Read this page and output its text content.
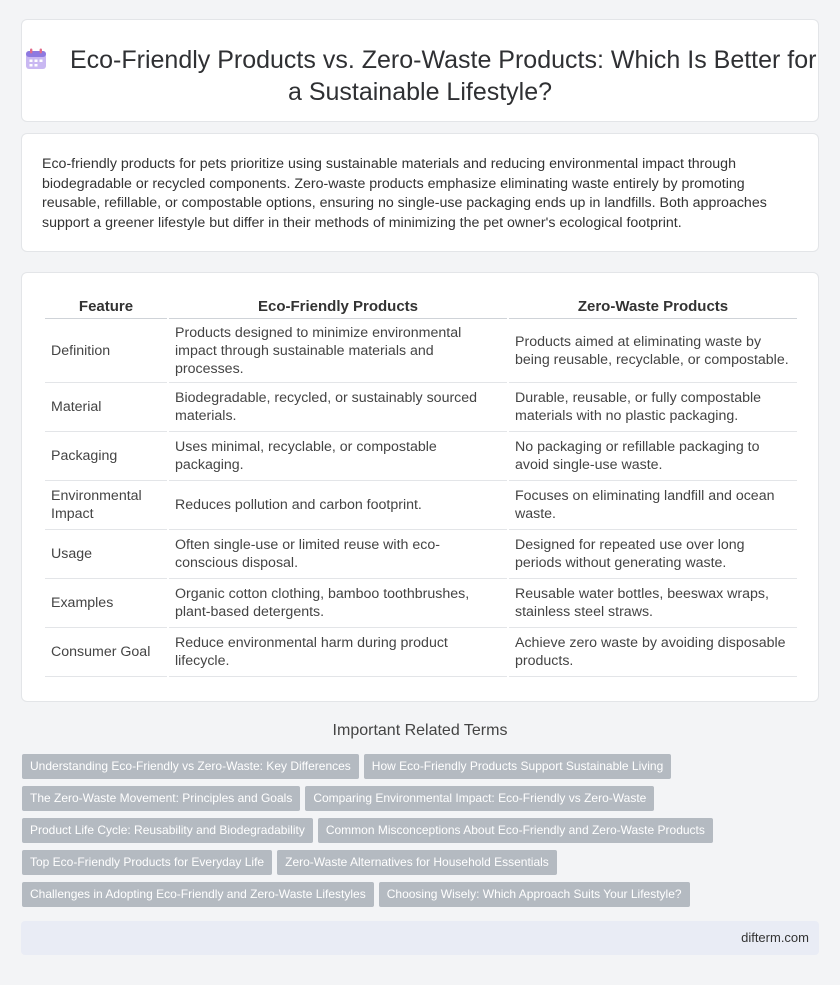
Eco-Friendly Products vs. Zero-Waste Products: Which Is Better for a Sustainable Lifestyle?

Eco-friendly products for pets prioritize using sustainable materials and reducing environmental impact through biodegradable or recycled components. Zero-waste products emphasize eliminating waste entirely by promoting reusable, refillable, or compostable options, ensuring no single-use packaging ends up in landfills. Both approaches support a greener lifestyle but differ in their methods of minimizing the pet owner's ecological footprint.

Feature	Eco-Friendly Products	Zero-Waste Products
Definition	Products designed to minimize environmental impact through sustainable materials and processes.	Products aimed at eliminating waste by being reusable, recyclable, or compostable.
Material	Biodegradable, recycled, or sustainably sourced materials.	Durable, reusable, or fully compostable materials with no plastic packaging.
Packaging	Uses minimal, recyclable, or compostable packaging.	No packaging or refillable packaging to avoid single-use waste.
Environmental Impact	Reduces pollution and carbon footprint.	Focuses on eliminating landfill and ocean waste.
Usage	Often single-use or limited reuse with eco-conscious disposal.	Designed for repeated use over long periods without generating waste.
Examples	Organic cotton clothing, bamboo toothbrushes, plant-based detergents.	Reusable water bottles, beeswax wraps, stainless steel straws.
Consumer Goal	Reduce environmental harm during product lifecycle.	Achieve zero waste by avoiding disposable products.
Important Related Terms
Understanding Eco-Friendly vs Zero-Waste: Key Differences How Eco-Friendly Products Support Sustainable Living
The Zero-Waste Movement: Principles and Goals Comparing Environmental Impact: Eco-Friendly vs Zero-Waste
Product Life Cycle: Reusability and Biodegradability Common Misconceptions About Eco-Friendly and Zero-Waste Products
Top Eco-Friendly Products for Everyday Life Zero-Waste Alternatives for Household Essentials
Challenges in Adopting Eco-Friendly and Zero-Waste Lifestyles Choosing Wisely: Which Approach Suits Your Lifestyle?
difterm.com
